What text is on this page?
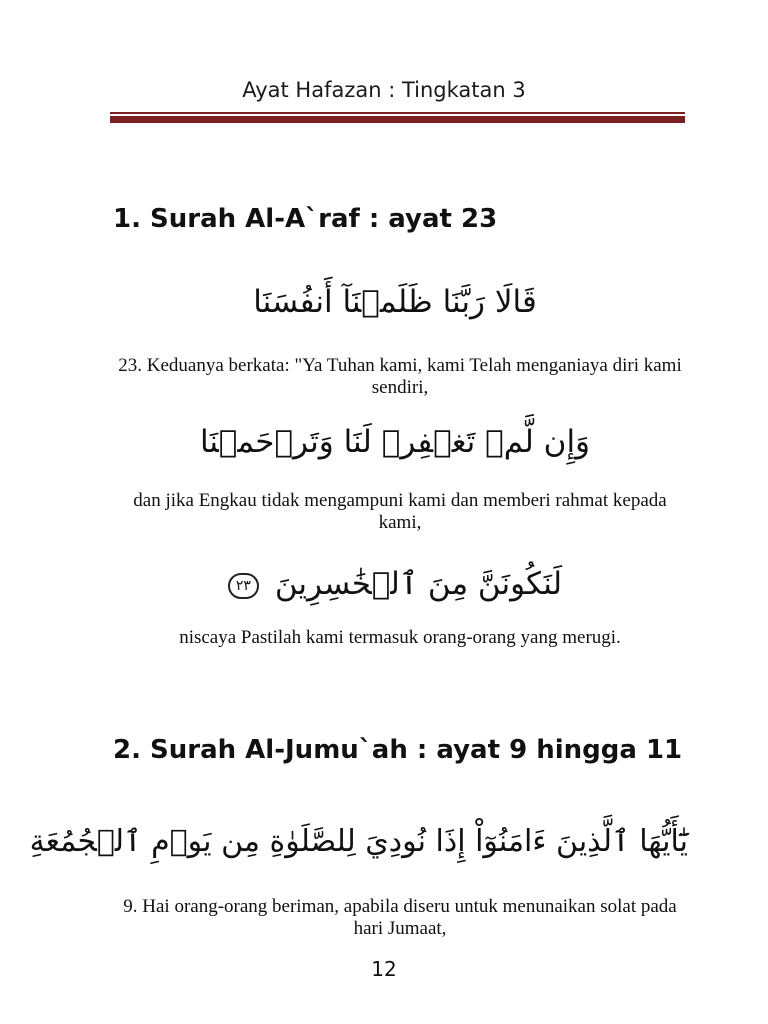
Ayat Hafazan : Tingkatan 3
1. Surah Al-A`raf : ayat 23
قَالَا رَبَّنَا ظَلَمۡنَآ أَنفُسَنَا
23. Keduanya berkata: "Ya Tuhan kami, kami Telah menganiaya diri kami sendiri,
وَإِن لَّمۡ تَغۡفِرۡ لَنَا وَتَرۡحَمۡنَا
dan jika Engkau tidak mengampuni kami dan memberi rahmat kepada kami,
لَنَكُونَنَّ مِنَ ٱلۡخَٰسِرِينَ ٢٣
niscaya Pastilah kami termasuk orang-orang yang merugi.
2. Surah Al-Jumu`ah : ayat 9 hingga 11
يَٰٓأَيُّهَا ٱلَّذِينَ ءَامَنُوٓاْ إِذَا نُودِيَ لِلصَّلَوٰةِ مِن يَوۡمِ ٱلۡجُمُعَةِ
9. Hai orang-orang beriman, apabila diseru untuk menunaikan solat pada hari Jumaat,
12
